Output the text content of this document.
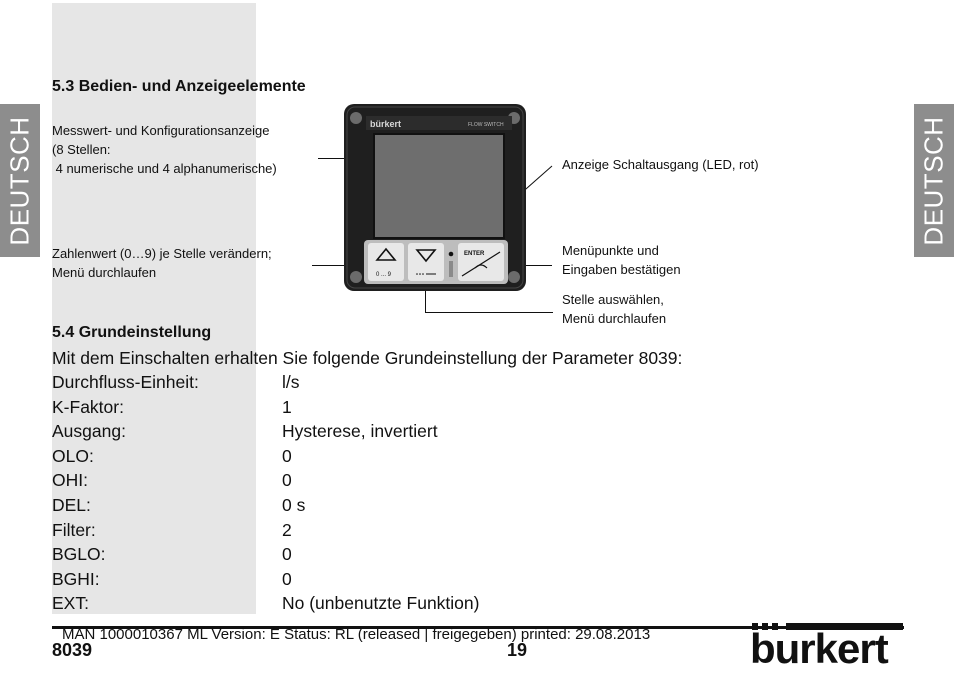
DEUTSCH	DEUTSCH
5.3 Bedien- und Anzeigeelemente
Messwert- und Konfigurationsanzeige
(8 Stellen:
4 numerische und 4 alphanumerische)
Zahlenwert (0…9) je Stelle verändern;
Menü durchlaufen
Anzeige Schaltausgang (LED, rot)
Menüpunkte und
Eingaben bestätigen
Stelle auswählen,
Menü durchlaufen
bürkert	FLOW SWITCH
0 ... 9
ENTER
5.4 Grundeinstellung
Mit dem Einschalten erhalten Sie folgende Grundeinstellung der Parameter 8039:
Durchfluss-Einheit:	l/s
K-Faktor:	1
Ausgang:	Hysterese, invertiert
OLO:	0
OHI:	0
DEL:	0 s
Filter:	2
BGLO:	0
BGHI:	0
EXT:	No (unbenutzte Funktion)
MAN 1000010367 ML Version: E Status: RL (released | freigegeben) printed: 29.08.2013
8039	19	burkert
